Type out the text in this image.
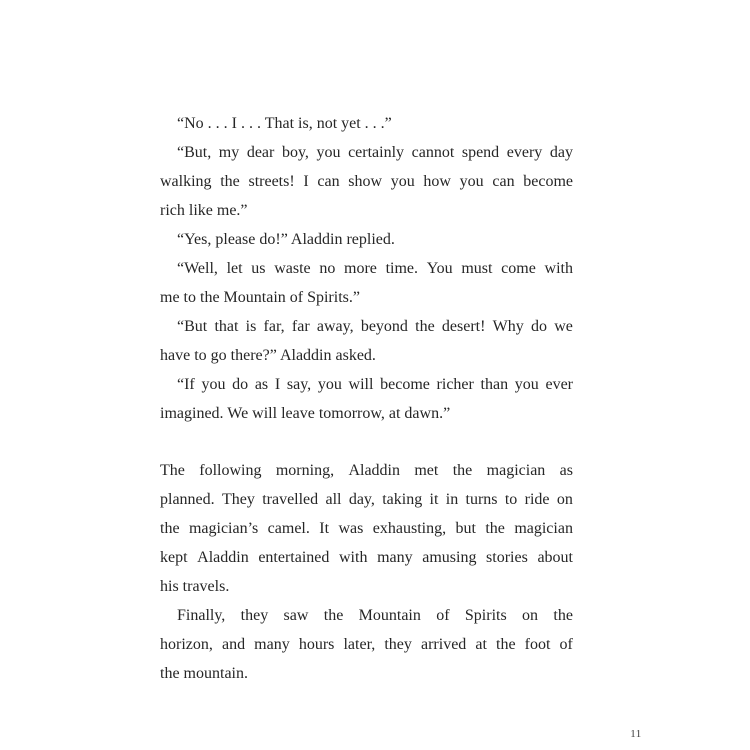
“No . . . I . . . That is, not yet . . .”
“But, my dear boy, you certainly cannot spend every day
walking the streets! I can show you how you can become
rich like me.”
“Yes, please do!” Aladdin replied.
“Well, let us waste no more time. You must come with
me to the Mountain of Spirits.”
“But that is far, far away, beyond the desert! Why do we
have to go there?” Aladdin asked.
“If you do as I say, you will become richer than you ever
imagined. We will leave tomorrow, at dawn.”
The following morning, Aladdin met the magician as
planned. They travelled all day, taking it in turns to ride on
the magician’s camel. It was exhausting, but the magician
kept Aladdin entertained with many amusing stories about
his travels.
Finally, they saw the Mountain of Spirits on the
horizon, and many hours later, they arrived at the foot of
the mountain.
11
